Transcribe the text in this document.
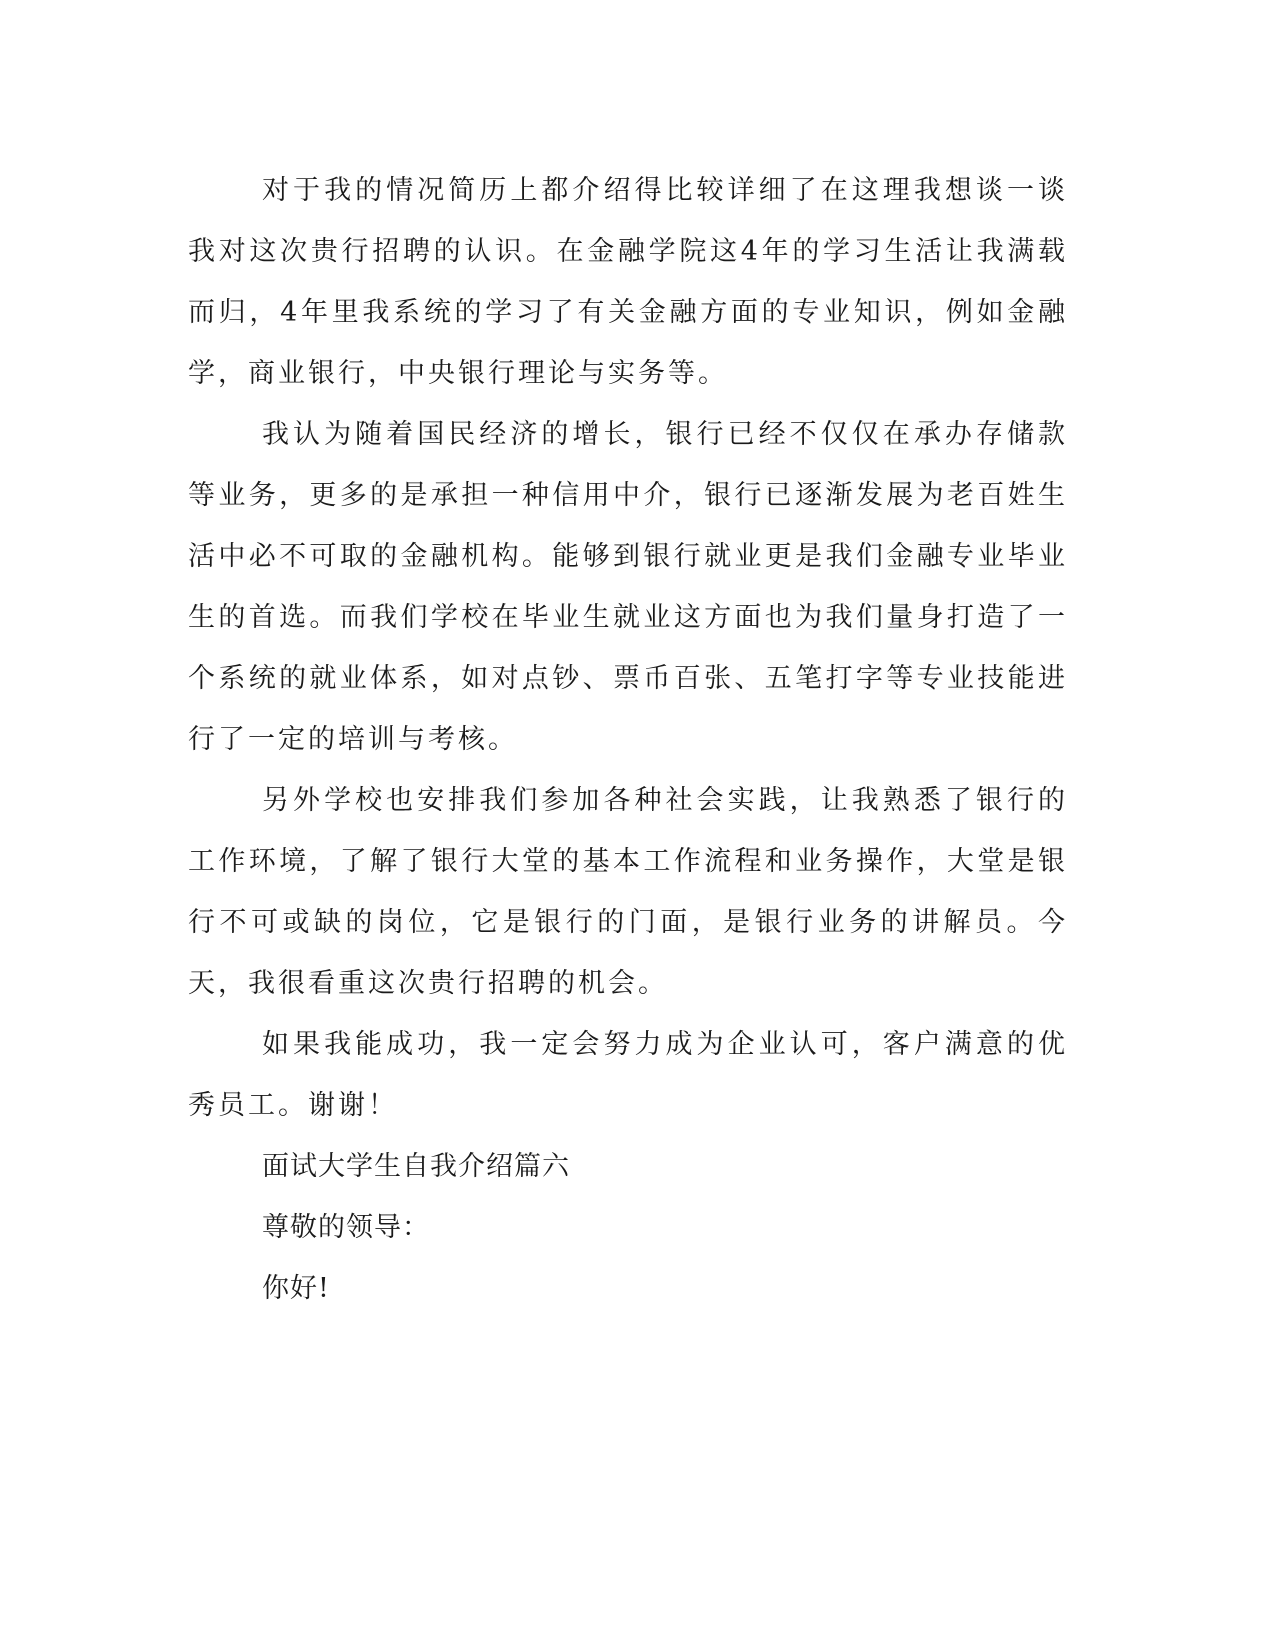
对于我的情况简历上都介绍得比较详细了在这理我想谈一谈我对这次贵行招聘的认识。在金融学院这4年的学习生活让我满载而归，4年里我系统的学习了有关金融方面的专业知识，例如金融学，商业银行，中央银行理论与实务等。

我认为随着国民经济的增长，银行已经不仅仅在承办存储款等业务，更多的是承担一种信用中介，银行已逐渐发展为老百姓生活中必不可取的金融机构。能够到银行就业更是我们金融专业毕业生的首选。而我们学校在毕业生就业这方面也为我们量身打造了一个系统的就业体系，如对点钞、票币百张、五笔打字等专业技能进行了一定的培训与考核。

另外学校也安排我们参加各种社会实践，让我熟悉了银行的工作环境，了解了银行大堂的基本工作流程和业务操作，大堂是银行不可或缺的岗位，它是银行的门面，是银行业务的讲解员。今天，我很看重这次贵行招聘的机会。

如果我能成功，我一定会努力成为企业认可，客户满意的优秀员工。谢谢！

面试大学生自我介绍篇六

尊敬的领导：

你好!
